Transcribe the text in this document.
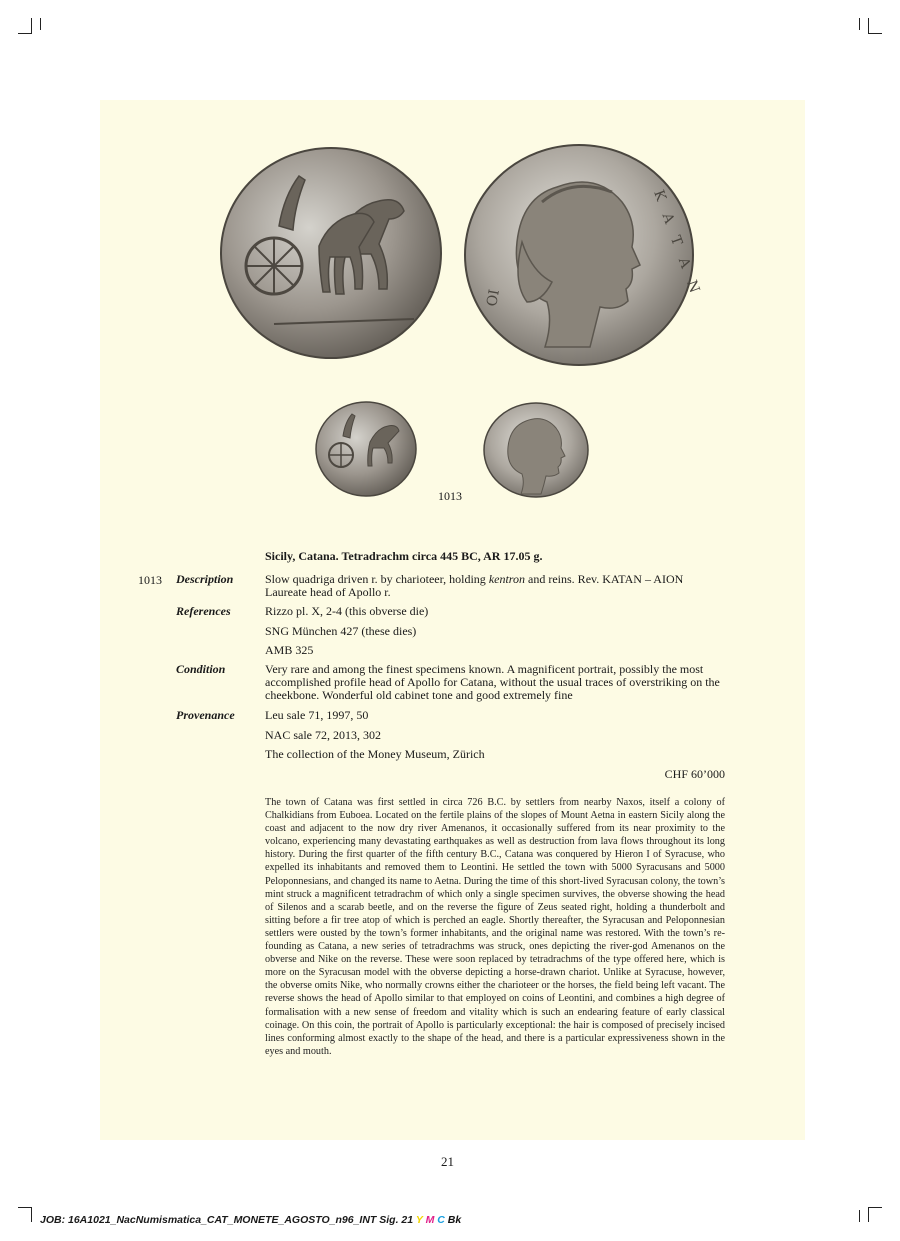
ΟΙ	ΚΑΤΑΝ
1013
Sicily, Catana. Tetradrachm circa 445 BC, AR 17.05 g.
1013 Description	Slow quadriga driven r. by charioteer, holding kentron and reins. Rev. KATAN – AION Laureate head of Apollo r.
References	Rizzo pl. X, 2-4 (this obverse die)
SNG München 427 (these dies)
AMB 325
Condition	Very rare and among the finest specimens known. A magnificent portrait, possibly the most accomplished profile head of Apollo for Catana, without the usual traces of overstriking on the cheekbone. Wonderful old cabinet tone and good extremely fine
Provenance	Leu sale 71, 1997, 50
NAC sale 72, 2013, 302
The collection of the Money Museum, Zürich
CHF 60’000
The town of Catana was first settled in circa 726 B.C. by settlers from nearby Naxos, itself a colony of Chalkidians from Euboea. Located on the fertile plains of the slopes of Mount Aetna in eastern Sicily along the coast and adjacent to the now dry river Amenanos, it occasionally suffered from its near proximity to the volcano, experiencing many devastating earthquakes as well as destruction from lava flows throughout its long history. During the first quarter of the fifth century B.C., Catana was conquered by Hieron I of Syracuse, who expelled its inhabitants and removed them to Leontini. He settled the town with 5000 Syracusans and 5000 Peloponnesians, and changed its name to Aetna. During the time of this short-lived Syracusan colony, the town’s mint struck a magnificent tetradrachm of which only a single specimen survives, the obverse showing the head of Silenos and a scarab beetle, and on the reverse the figure of Zeus seated right, holding a thunderbolt and sitting before a fir tree atop of which is perched an eagle. Shortly thereafter, the Syracusan and Peloponnesian settlers were ousted by the town’s former inhabitants, and the original name was restored. With the town’s re-founding as Catana, a new series of tetradrachms was struck, ones depicting the river-god Amenanos on the obverse and Nike on the reverse. These were soon replaced by tetradrachms of the type offered here, which is more on the Syracusan model with the obverse depicting a horse-drawn chariot. Unlike at Syracuse, however, the obverse omits Nike, who normally crowns either the charioteer or the horses, the field being left vacant. The reverse shows the head of Apollo similar to that employed on coins of Leontini, and combines a high degree of formalisation with a new sense of freedom and vitality which is such an endearing feature of early classical coinage. On this coin, the portrait of Apollo is particularly exceptional: the hair is composed of precisely incised lines conforming almost exactly to the shape of the head, and there is a particular expressiveness shown in the eyes and mouth.
21
JOB: 16A1021_NacNumismatica_CAT_MONETE_AGOSTO_n96_INT Sig. 21 Y M C Bk
